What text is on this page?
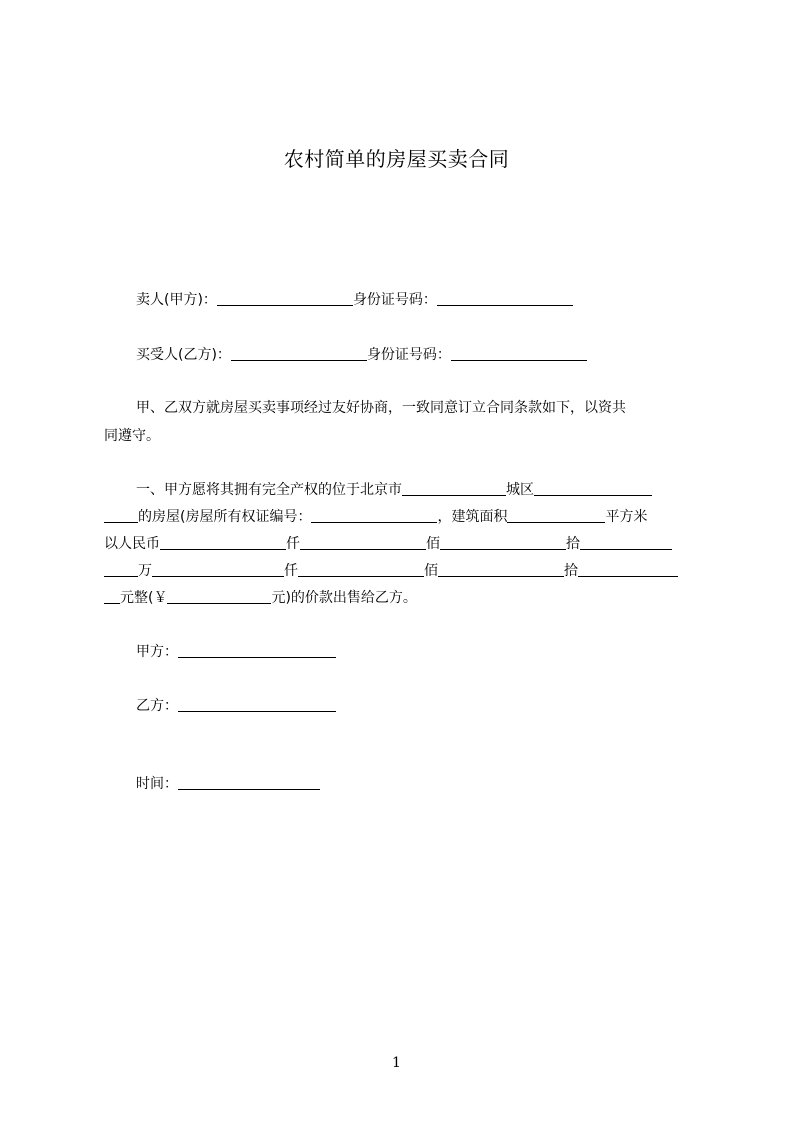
农村简单的房屋买卖合同
卖人(甲方)：	身份证号码：
买受人(乙方)：	身份证号码：
甲、乙双方就房屋买卖事项经过友好协商，一致同意订立合同条款如下，以资共
同遵守。
一、甲方愿将其拥有完全产权的位于北京市	城区
的房屋(房屋所有权证编号：	，建筑面积	平方米
以人民币	仟	佰	拾
万	仟	佰	拾
元整(￥	元)的价款出售给乙方。
甲方：
乙方：
时间：
1
